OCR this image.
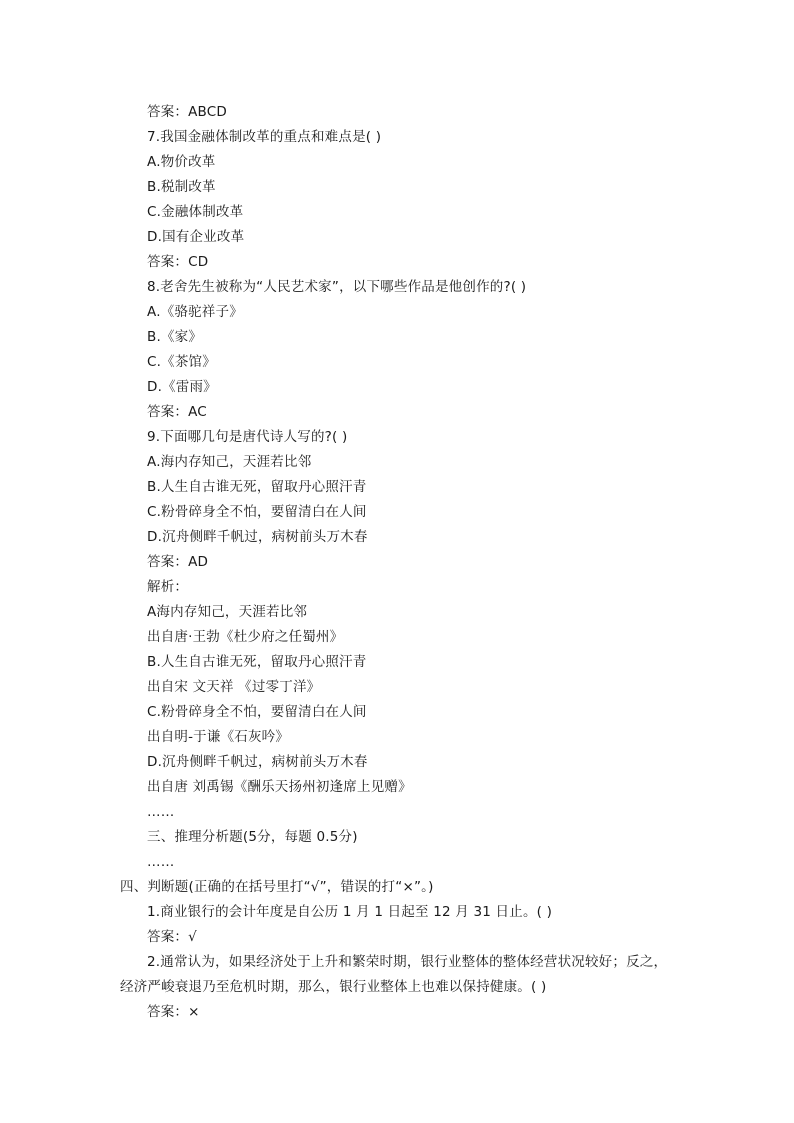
答案：ABCD
7.我国金融体制改革的重点和难点是( )
A.物价改革
B.税制改革
C.金融体制改革
D.国有企业改革
答案：CD
8.老舍先生被称为“人民艺术家”，以下哪些作品是他创作的?( )
A.《骆驼祥子》
B.《家》
C.《茶馆》
D.《雷雨》
答案：AC
9.下面哪几句是唐代诗人写的?( )
A.海内存知己，天涯若比邻
B.人生自古谁无死，留取丹心照汗青
C.粉骨碎身全不怕，要留清白在人间
D.沉舟侧畔千帆过，病树前头万木春
答案：AD
解析：
A海内存知己，天涯若比邻
出自唐·王勃《杜少府之任蜀州》
B.人生自古谁无死，留取丹心照汗青
出自宋 文天祥 《过零丁洋》
C.粉骨碎身全不怕，要留清白在人间
出自明-于谦《石灰吟》
D.沉舟侧畔千帆过，病树前头万木春
出自唐 刘禹锡《酬乐天扬州初逢席上见赠》
……
三、推理分析题(5分，每题 0.5分)
……
四、判断题(正确的在括号里打“√”，错误的打“×”。)
1.商业银行的会计年度是自公历 1 月 1 日起至 12 月 31 日止。( )
答案：√
2.通常认为，如果经济处于上升和繁荣时期，银行业整体的整体经营状况较好；反之，
经济严峻衰退乃至危机时期，那么，银行业整体上也难以保持健康。( )
答案：×
